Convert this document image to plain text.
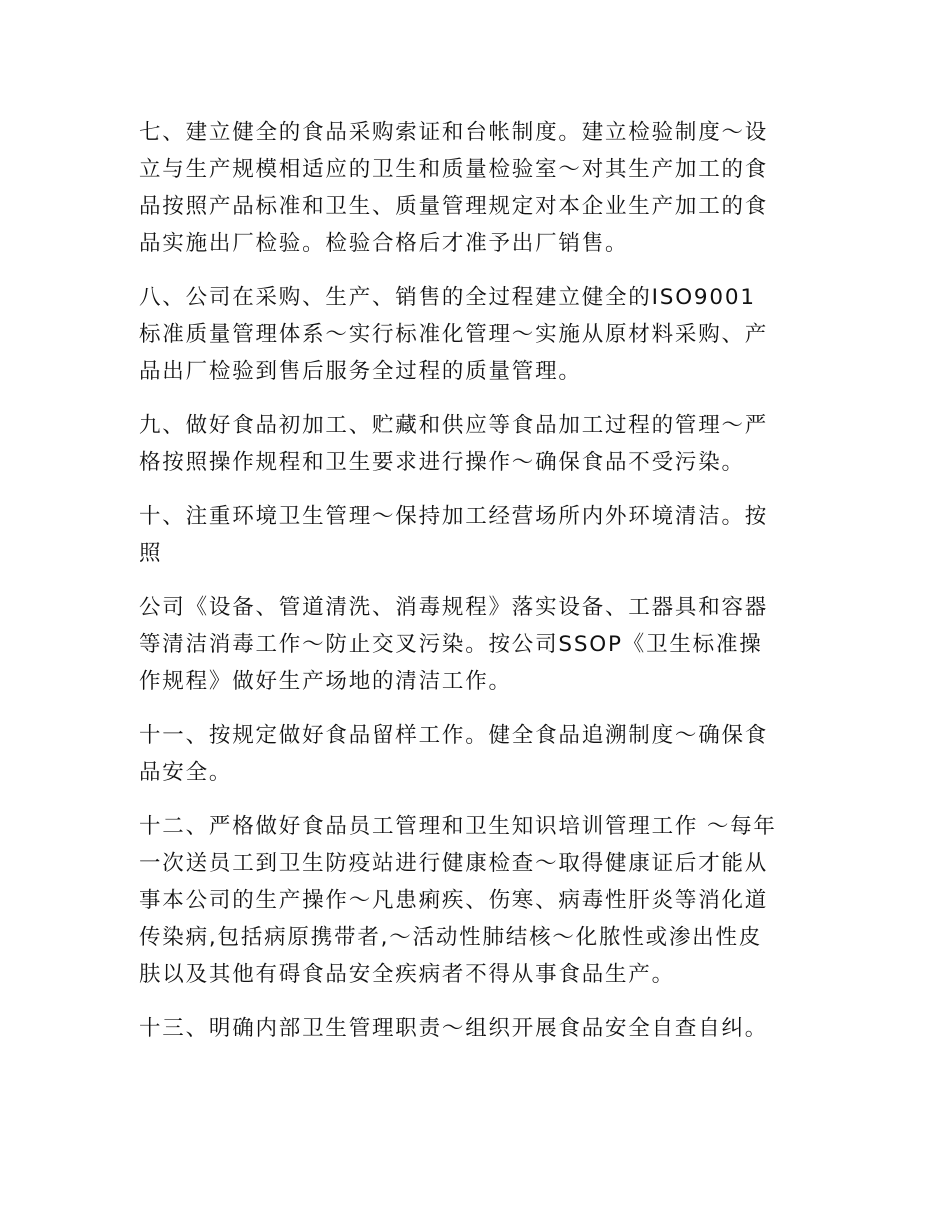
七、建立健全的食品采购索证和台帐制度。建立检验制度～设
立与生产规模相适应的卫生和质量检验室～对其生产加工的食
品按照产品标准和卫生、质量管理规定对本企业生产加工的食
品实施出厂检验。检验合格后才准予出厂销售。

八、公司在采购、生产、销售的全过程建立健全的ISO9001
标准质量管理体系～实行标准化管理～实施从原材料采购、产
品出厂检验到售后服务全过程的质量管理。

九、做好食品初加工、贮藏和供应等食品加工过程的管理～严
格按照操作规程和卫生要求进行操作～确保食品不受污染。

十、注重环境卫生管理～保持加工经营场所内外环境清洁。按
照

公司《设备、管道清洗、消毒规程》落实设备、工器具和容器
等清洁消毒工作～防止交叉污染。按公司SSOP《卫生标准操
作规程》做好生产场地的清洁工作。

十一、按规定做好食品留样工作。健全食品追溯制度～确保食
品安全。

十二、严格做好食品员工管理和卫生知识培训管理工作 ～每年
一次送员工到卫生防疫站进行健康检查～取得健康证后才能从
事本公司的生产操作～凡患痢疾、伤寒、病毒性肝炎等消化道
传染病,包括病原携带者,～活动性肺结核～化脓性或渗出性皮
肤以及其他有碍食品安全疾病者不得从事食品生产。

十三、明确内部卫生管理职责～组织开展食品安全自查自纠。
